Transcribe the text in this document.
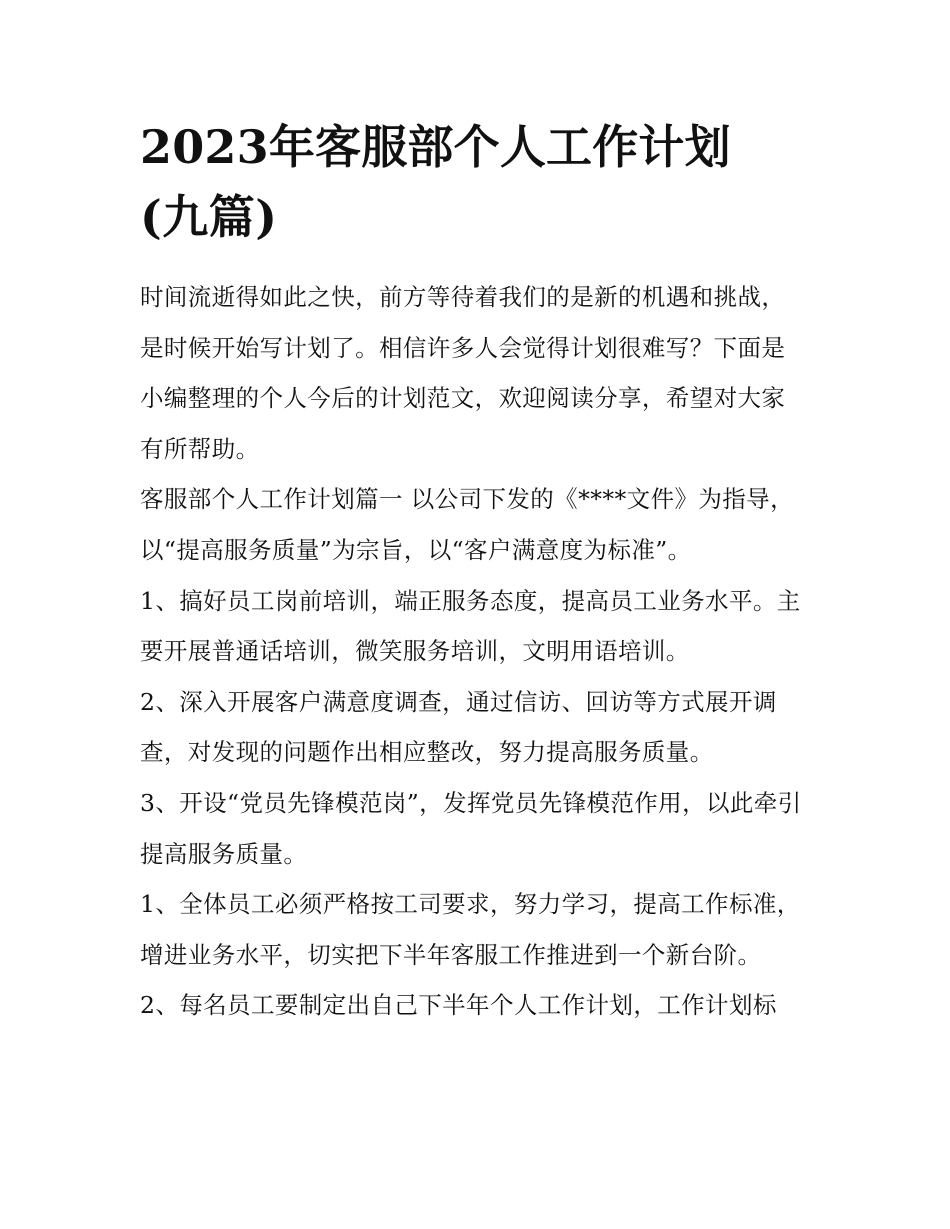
2023年客服部个人工作计划
(九篇)

时间流逝得如此之快，前方等待着我们的是新的机遇和挑战，是时候开始写计划了。相信许多人会觉得计划很难写？下面是小编整理的个人今后的计划范文，欢迎阅读分享，希望对大家有所帮助。

客服部个人工作计划篇一 以公司下发的《****文件》为指导，以“提高服务质量”为宗旨，以“客户满意度为标准”。

1、搞好员工岗前培训，端正服务态度，提高员工业务水平。主要开展普通话培训，微笑服务培训，文明用语培训。

2、深入开展客户满意度调查，通过信访、回访等方式展开调查，对发现的问题作出相应整改，努力提高服务质量。

3、开设“党员先锋模范岗”，发挥党员先锋模范作用，以此牵引提高服务质量。

1、全体员工必须严格按工司要求，努力学习，提高工作标准，增进业务水平，切实把下半年客服工作推进到一个新台阶。

2、每名员工要制定出自己下半年个人工作计划，工作计划标
